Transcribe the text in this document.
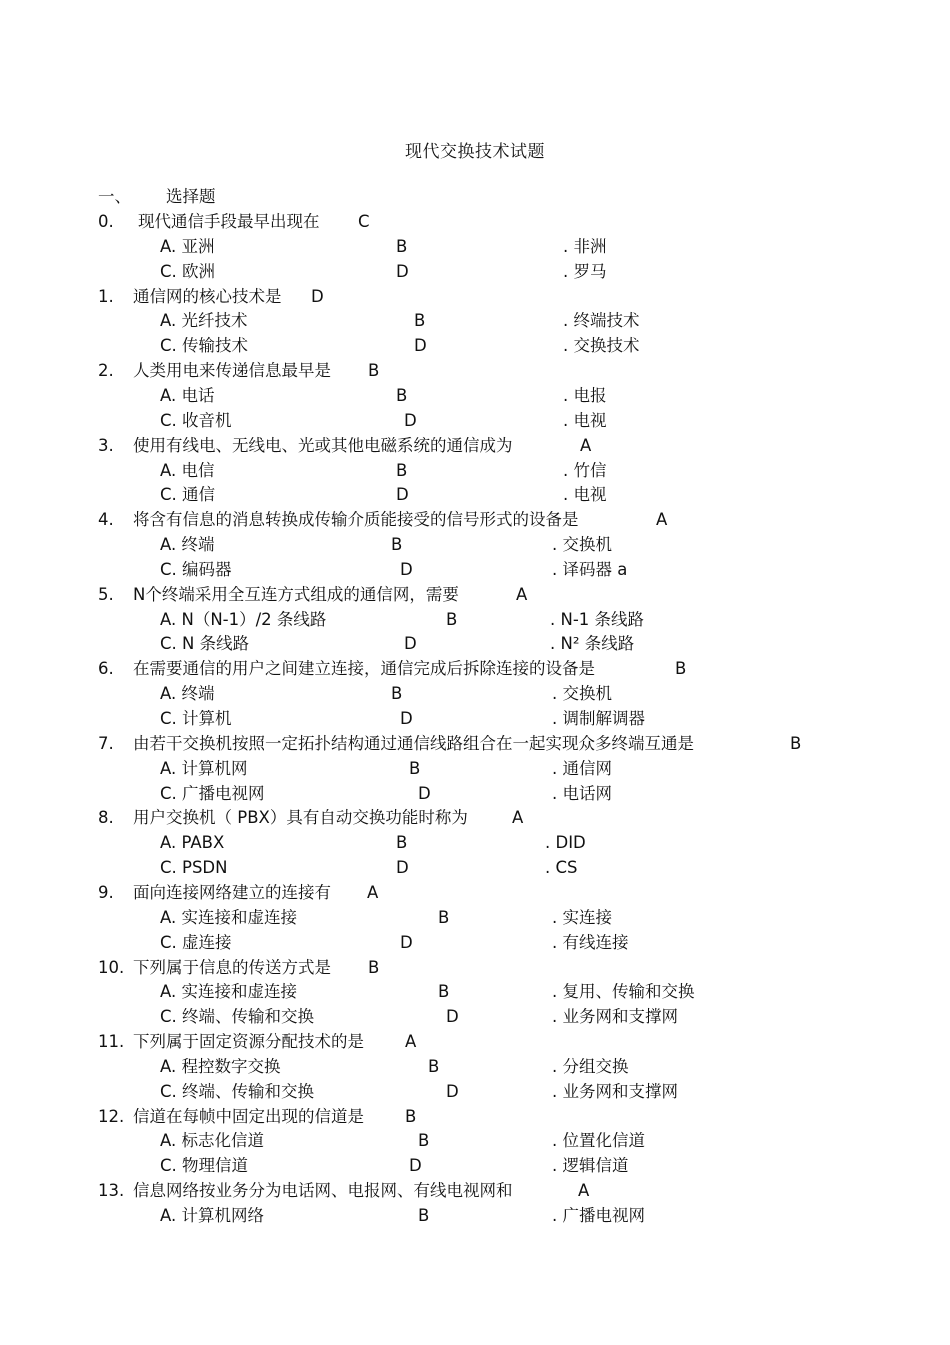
现代交换技术试题
一、 选择题
0. 现代通信手段最早出现在 C
A. 亚洲	B	. 非洲
C. 欧洲	D	. 罗马
1. 通信网的核心技术是 D
A. 光纤技术	B	. 终端技术
C. 传输技术	D	. 交换技术
2. 人类用电来传递信息最早是 B
A. 电话	B	. 电报
C. 收音机	D	. 电视
3. 使用有线电、无线电、光或其他电磁系统的通信成为	A
A. 电信	B	. 竹信
C. 通信	D	. 电视
4. 将含有信息的消息转换成传输介质能接受的信号形式的设备是	A
A. 终端	B	. 交换机
C. 编码器	D	. 译码器 a
5. N个终端采用全互连方式组成的通信网，需要	A
A. N（N-1）/2 条线路	B	. N-1 条线路
C. N 条线路	D	. N² 条线路
6. 在需要通信的用户之间建立连接，通信完成后拆除连接的设备是	B
A. 终端	B	. 交换机
C. 计算机	D	. 调制解调器
7. 由若干交换机按照一定拓扑结构通过通信线路组合在一起实现众多终端互通是	B
A. 计算机网	B	. 通信网
C. 广播电视网	D	. 电话网
8. 用户交换机（ PBX）具有自动交换功能时称为	A
A. PABX	B	. DID
C. PSDN	D	. CS
9. 面向连接网络建立的连接有 A
A. 实连接和虚连接	B	. 实连接
C. 虚连接	D	. 有线连接
10. 下列属于信息的传送方式是 B
A. 实连接和虚连接	B	. 复用、传输和交换
C. 终端、传输和交换	D	. 业务网和支撑网
11. 下列属于固定资源分配技术的是 A
A. 程控数字交换	B	. 分组交换
C. 终端、传输和交换	D	. 业务网和支撑网
12. 信道在每帧中固定出现的信道是 B
A. 标志化信道	B	. 位置化信道
C. 物理信道	D	. 逻辑信道
13. 信息网络按业务分为电话网、电报网、有线电视网和	A
A. 计算机网络	B	. 广播电视网
